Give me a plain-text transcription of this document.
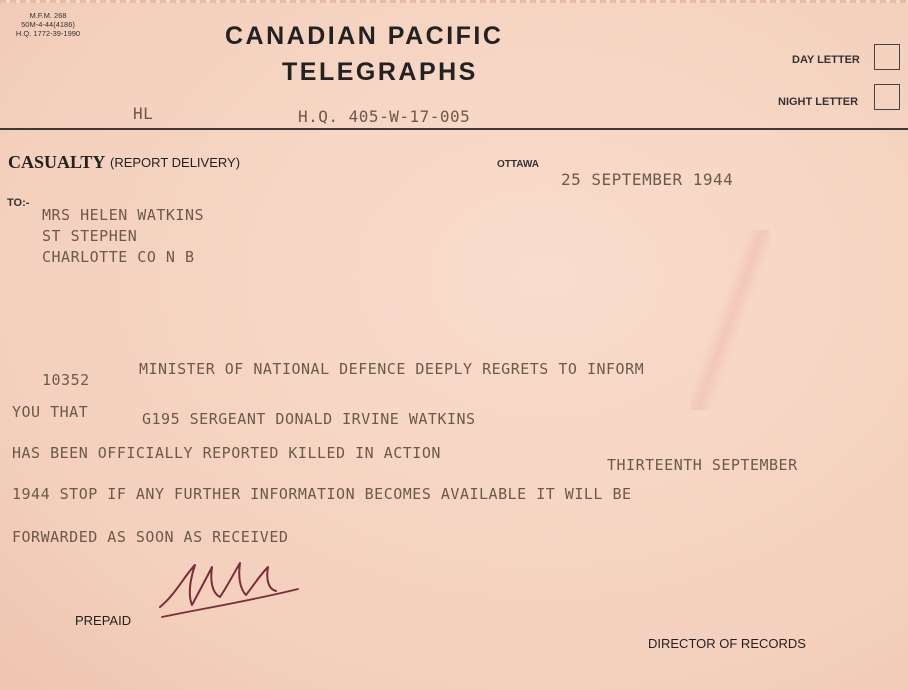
M.F.M. 268
50M-4-44(4186)
H.Q. 1772-39-1990	CANADIAN PACIFIC
TELEGRAPHS	DAY LETTER
NIGHT LETTER
HL	H.Q. 405-W-17-005
CASUALTY (REPORT DELIVERY)	OTTAWA
25 SEPTEMBER 1944
TO:-
MRS HELEN WATKINS
ST STEPHEN
CHARLOTTE CO N B
10352
MINISTER OF NATIONAL DEFENCE DEEPLY REGRETS TO INFORM
YOU THAT	G195 SERGEANT DONALD IRVINE WATKINS
HAS BEEN OFFICIALLY REPORTED KILLED IN ACTION
THIRTEENTH SEPTEMBER
1944 STOP IF ANY FURTHER INFORMATION BECOMES AVAILABLE IT WILL BE
FORWARDED AS SOON AS RECEIVED
PREPAID
DIRECTOR OF RECORDS
